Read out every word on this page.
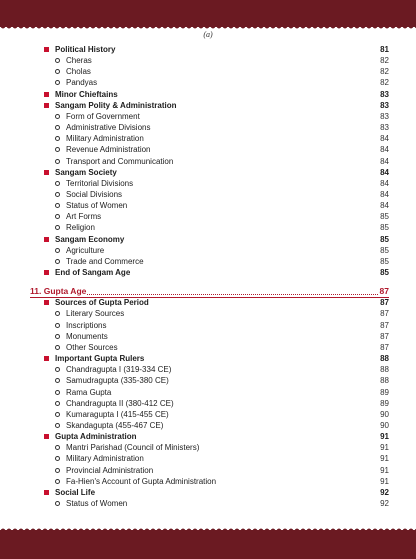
(a)
Political History	81
Cheras	82
Cholas	82
Pandyas	82
Minor Chieftains	83
Sangam Polity & Administration	83
Form of Government	83
Administrative Divisions	83
Military Administration	84
Revenue Administration	84
Transport and Communication	84
Sangam Society	84
Territorial Divisions	84
Social Divisions	84
Status of Women	84
Art Forms	85
Religion	85
Sangam Economy	85
Agriculture	85
Trade and Commerce	85
End of Sangam Age	85
11. Gupta Age	87
Sources of Gupta Period	87
Literary Sources	87
Inscriptions	87
Monuments	87
Other Sources	87
Important Gupta Rulers	88
Chandragupta I (319-334 CE)	88
Samudragupta (335-380 CE)	88
Rama Gupta	89
Chandragupta II (380-412 CE)	89
Kumaragupta I (415-455 CE)	90
Skandagupta (455-467 CE)	90
Gupta Administration	91
Mantri Parishad (Council of Ministers)	91
Military Administration	91
Provincial Administration	91
Fa-Hien's Account of Gupta Administration	91
Social Life	92
Status of Women	92
